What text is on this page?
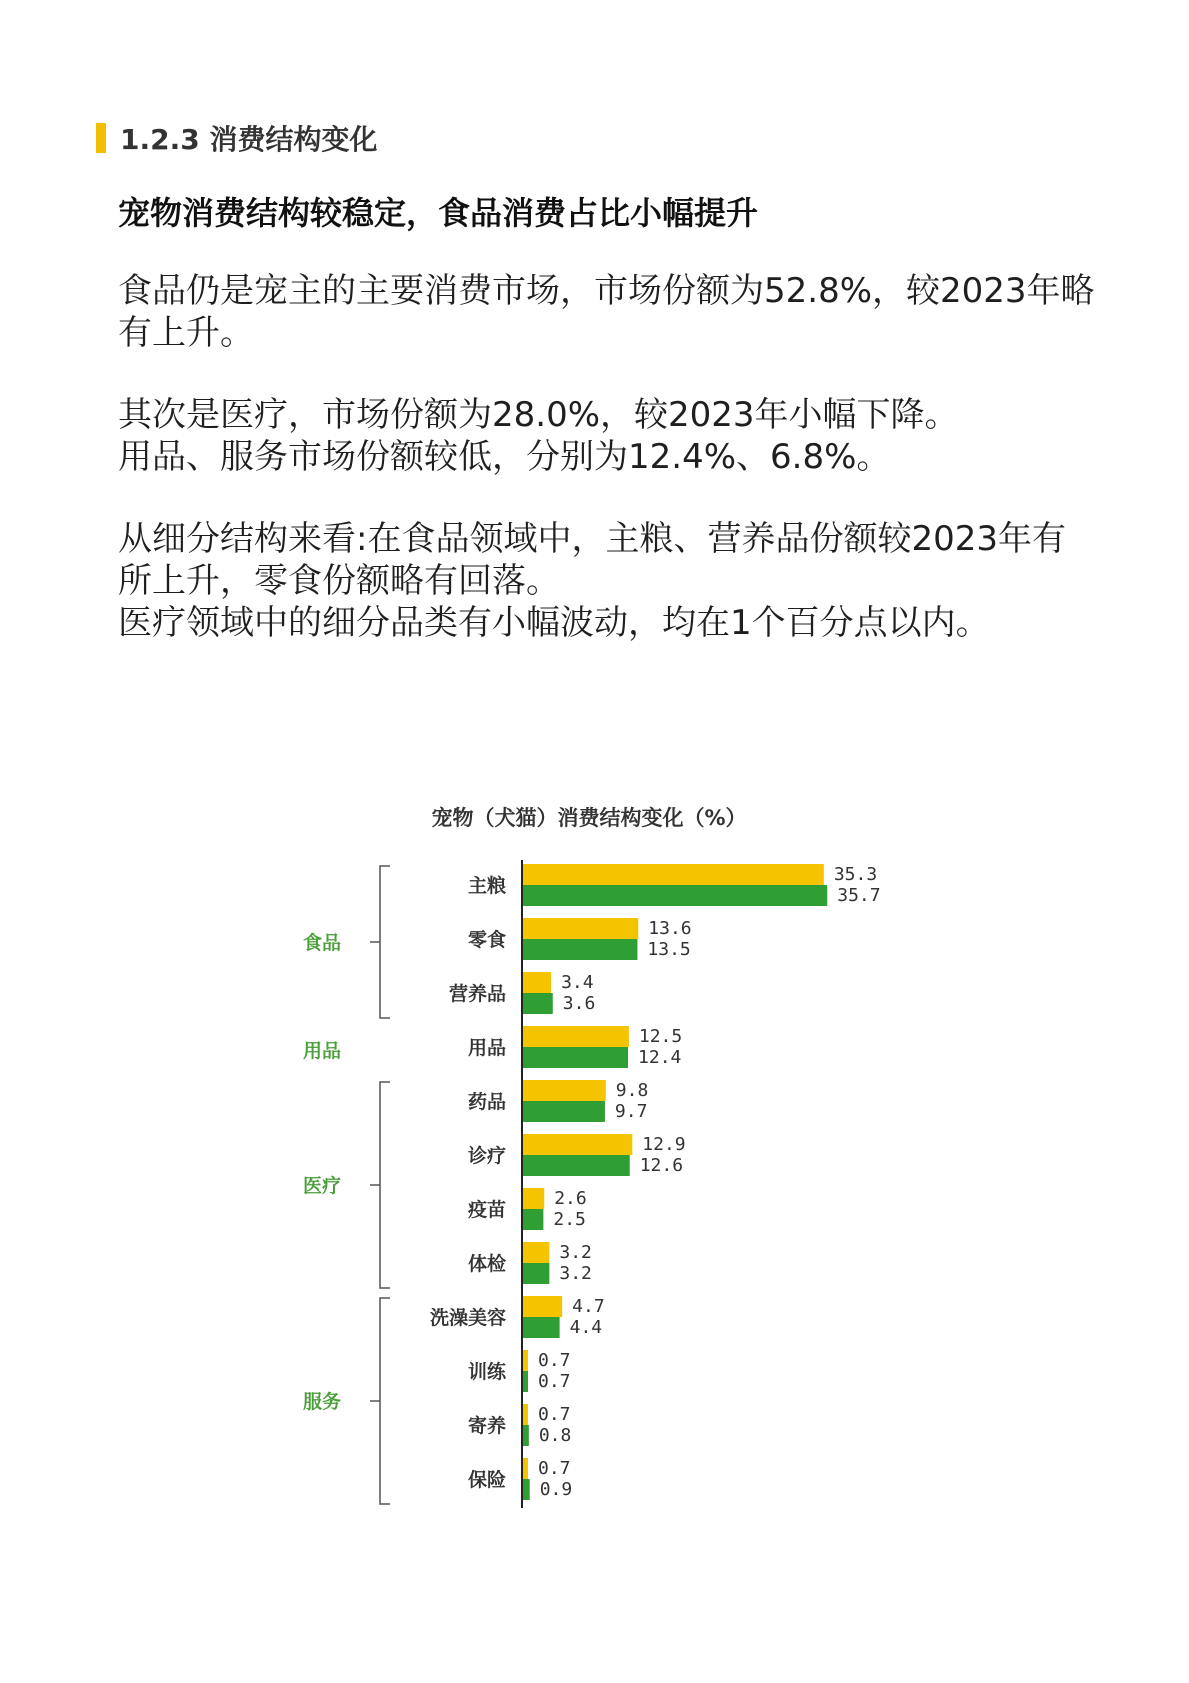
1.2.3 消费结构变化
宠物消费结构较稳定，食品消费占比小幅提升
食品仍是宠主的主要消费市场，市场份额为52.8%，较2023年略
有上升。
其次是医疗，市场份额为28.0%，较2023年小幅下降。
用品、服务市场份额较低，分别为12.4%、6.8%。
从细分结构来看:在食品领域中，主粮、营养品份额较2023年有
所上升，零食份额略有回落。
医疗领域中的细分品类有小幅波动，均在1个百分点以内。
宠物（犬猫）消费结构变化（%）
食品
用品
医疗
服务
主粮
35.3
35.7
零食
13.6
13.5
营养品
3.4
3.6
用品
12.5
12.4
药品
9.8
9.7
诊疗
12.9
12.6
疫苗
2.6
2.5
体检
3.2
3.2
洗澡美容
4.7
4.4
训练
0.7
0.7
寄养
0.7
0.8
保险
0.7
0.9
